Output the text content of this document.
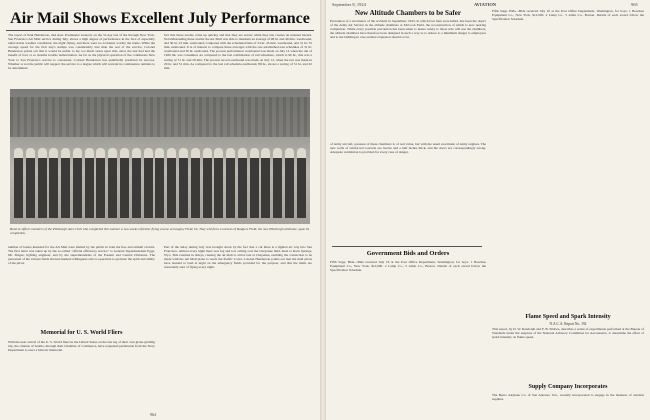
Air Mail Shows Excellent July Performance

The report of Paul Henderson, 2nd Asst. Postmaster General, on the 31-day test of the through New York-San Francisco Air Mail service during July, shows a high degree of performance in the face of especially unfavorable weather conditions; the night flying, and there were no accidents worthy the name. While the average speed for the first day's stamps was considerably less than the rest of the service, Colonel Henderson points out that it would be unfair to lay too much stress upon this, since the test had had the benefit of four or so months trouble authorization. As far as the physical operation of the continuous New York to San Francisco service is concerned, Colonel Henderson has qualifiedly predicted its success. Whether or not the public will support the service to a degree which will warrant its continuance remains to be determined.

fact that these storms come up quickly and that they are severe while they last creates an unusual hazard. Notwithstanding these storms the Air Mail was able to maintain an average of 98 hr. and 49 min. westbound, and 30 hr. 23 min. eastbound; compared with the scheduled time of 34 hr. 45 min. westbound, and 31 hr. 55 min. eastbound. It is of interest to compare these averages with the one established east schedules of 31 hr. westbound and 30 hr. eastbound. The poorest performance westbound was made on July 14 when the run of 1920 mi. was consumed. As compared to the last combination of rail schedules, which is 90 hr., this was a saving of 31 hr. and 29 min. The poorest record eastbound was made on July 12, when the run was made in 29 hr. and 51 min. As compared to the last rail schedule eastbound, 89 hr., shows a saving of 51 hr. and 22 min.

Reserve officer members of the Pittsburgh Aero Club who completed this summer a two weeks refresher flying course at Langley Field, Va. They will form a nucleus of Rodgers Field, the new Pittsburgh airdrome, upon its completion.

number of letters intended for the Air Mail were mailed by the public in both the free and airmail circuits. The first letter was taken up by the so-called "official efficiency service" to General Superintendent Egge, Mr. Magee, lighting engineer, and by the superintendents of the Eastern and Central Divisions. The personnel of the various fields showed marked willingness and co-operation to promote the spirit and ability of the pilots.

Memorial for U. S. World Fliers

With the near arrival of the U. S. World fliers in the United States on the last leg of their own globe-girdling trip, the citizens of Seattle, through their Chamber of Commerce, have requested permission from the Navy Department to erect a historic memorial.

Part of the delay during July was brought about by the fact that a cut there is a lighted air way into San Francisco. Almost every night there was fog and low ceiling over the Cheyenne field, must to Rock Springs, Wyo. This resulted in delays, causing the air mail to arrive late at Cheyenne, enabling the connection to be made with the Air Mail plane to reach the Pacific Coast. Colonel Henderson points out that the mail pilots have learned to land at night on the emergency fields provided for the purpose, and that the mails are reasonably sure of flying every night.

964
September 8, 1924	AVIATION	965
New Altitude Chambers to be Safer

Prevention of a recurrence of the accident in September, 1923, in which four men were killed, has been the object of the Army Air Service in the altitude chambers at McCook Field, the reconstruction of which is now nearing completion. While every possible precaution has been taken to insure safety to those who will use the chambers, the altitude chambers have therefore been designed in such a way as to reduce to a minimum danger to employees and to the building in case another explosion should occur.

of Army aircraft, pressure of these chambers is of real value, but with the usual exactitude of Army engines. The new walls of reinforced concrete are twelve and a half inches thick, and the doors are correspondingly strong. Adequate ventilation is provided for every case of danger.

Government Bids and Orders

Fifth Supp. Bids—Bids received July 16 at the Post Office Department, Washington, for boys. 1 Bouchee Equipment Co., New York, $12,000. 2 Lamp Co., 5 Allan Co., Boston. Details of each award follow the Specification Schedule.

Fifth Supp. Bids—Bids received July 16 at the Post Office Department, Washington, for boys. 1 Bouchee Equipment Co., New York, $12,000. 2 Lamp Co., 5 Allan Co., Boston. Details of each award follow the Specification Schedule.

Flame Speed and Spark Intensity

N.A.C.A. Report No. 192

This report, by D. W. Randolph and F. B. Silsbee, describes a series of experiments performed at the Bureau of Standards under the auspices of the National Advisory Committee for Aeronautics, to determine the effect of spark intensity on flame speed.

Supply Company Incorporates

The Bearo Airplane Co. of San Antonio, Tex., recently incorporated to engage in the business of aviation supplies.
